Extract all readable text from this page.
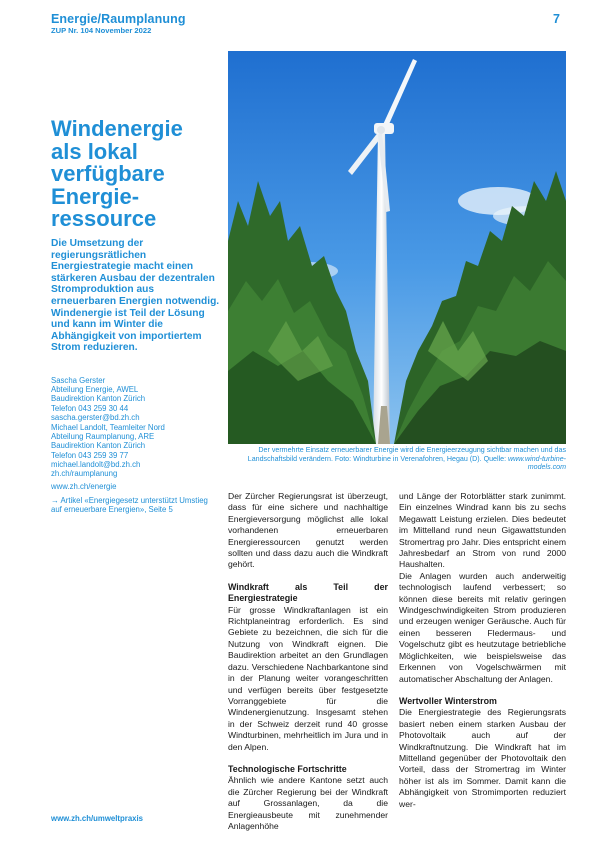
Energie/Raumplanung
ZUP Nr. 104 November 2022
7
Windenergie
als lokal
verfügbare
Energie-
ressource

Die Umsetzung der regierungsrätlichen Energiestrategie macht einen stärkeren Ausbau der dezentralen Stromproduktion aus erneuerbaren Energien notwendig. Windenergie ist Teil der Lösung und kann im Winter die Abhängigkeit von importiertem Strom reduzieren.

Sascha Gerster
Abteilung Energie, AWEL
Baudirektion Kanton Zürich
Telefon 043 259 30 44
sascha.gerster@bd.zh.ch
Michael Landolt, Teamleiter Nord
Abteilung Raumplanung, ARE
Baudirektion Kanton Zürich
Telefon 043 259 39 77
michael.landolt@bd.zh.ch
zh.ch/raumplanung
www.zh.ch/energie
→ Artikel «Energiegesetz unterstützt Umstieg auf erneuerbare Energien», Seite 5
Der vermehrte Einsatz erneuerbarer Energie wird die Energieerzeugung sichtbar machen und das Landschaftsbild verändern. Foto: Windturbine in Verenafohren, Hegau (D). Quelle: www.wind-turbine-models.com

Der Zürcher Regierungsrat ist überzeugt, dass für eine sichere und nachhaltige Energieversorgung möglichst alle lokal vorhandenen erneuerbaren Energieressourcen genutzt werden sollten und dass dazu auch die Windkraft gehört.

Windkraft als Teil der Energiestrategie

Für grosse Windkraftanlagen ist ein Richtplaneintrag erforderlich. Es sind Gebiete zu bezeichnen, die sich für die Nutzung von Windkraft eignen. Die Baudirektion arbeitet an den Grundlagen dazu. Verschiedene Nachbarkantone sind in der Planung weiter vorangeschritten und verfügen bereits über festgesetzte Vorranggebiete für die Windenergienutzung. Insgesamt stehen in der Schweiz derzeit rund 40 grosse Windturbinen, mehrheitlich im Jura und in den Alpen.

Technologische Fortschritte

Ähnlich wie andere Kantone setzt auch die Zürcher Regierung bei der Windkraft auf Grossanlagen, da die Energieausbeute mit zunehmender Anlagenhöhe

und Länge der Rotorblätter stark zunimmt. Ein einzelnes Windrad kann bis zu sechs Megawatt Leistung erzielen. Dies bedeutet im Mittelland rund neun Gigawattstunden Stromertrag pro Jahr. Dies entspricht einem Jahresbedarf an Strom von rund 2000 Haushalten.

Die Anlagen wurden auch anderweitig technologisch laufend verbessert; so können diese bereits mit relativ geringen Windgeschwindigkeiten Strom produzieren und erzeugen weniger Geräusche. Auch für einen besseren Fledermaus- und Vogelschutz gibt es heutzutage betriebliche Möglichkeiten, wie beispielsweise das Erkennen von Vogelschwärmen mit automatischer Abschaltung der Anlagen.

Wertvoller Winterstrom

Die Energiestrategie des Regierungsrats basiert neben einem starken Ausbau der Photovoltaik auch auf der Windkraftnutzung. Die Windkraft hat im Mittelland gegenüber der Photovoltaik den Vorteil, dass der Stromertrag im Winter höher ist als im Sommer. Damit kann die Abhängigkeit von Stromimporten reduziert wer-

www.zh.ch/umweltpraxis
